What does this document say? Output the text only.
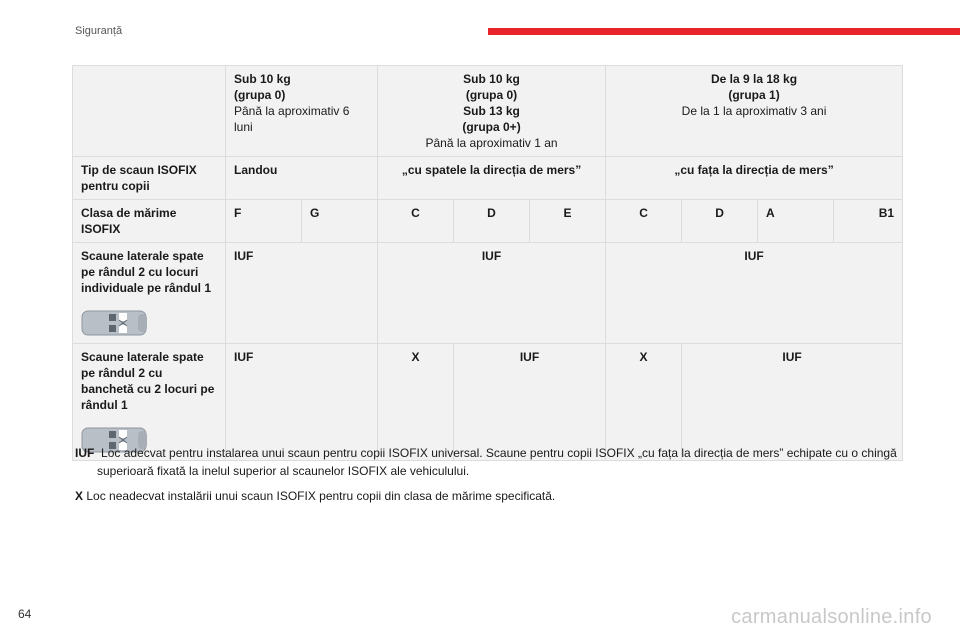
Siguranță

	Sub 10 kg
(grupa 0)
Până la aproximativ 6 luni		Sub 10 kg
(grupa 0)
Sub 13 kg
(grupa 0+)
Până la aproximativ 1 an			De la 9 la 18 kg
(grupa 1)
De la 1 la aproximativ 3 ani			

Tip de scaun ISOFIX pentru copii	Landou		„cu spatele la direcția de mers”			„cu fața la direcția de mers”			
Clasa de mărime ISOFIX	F	G	C	D	E	C	D	A	B1
Scaune laterale spate pe rândul 2 cu locuri individuale pe rândul 1	IUF		IUF			IUF			
Scaune laterale spate pe rândul 2 cu banchetă cu 2 locuri pe rândul 1	IUF		X	IUF		X	IUF		
IUF Loc adecvat pentru instalarea unui scaun pentru copii ISOFIX universal. Scaune pentru copii ISOFIX „cu fața la direcția de mers” echipate cu o chingă superioară fixată la inelul superior al scaunelor ISOFIX ale vehiculului.
X Loc neadecvat instalării unui scaun ISOFIX pentru copii din clasa de mărime specificată.
64	carmanualsonline.info
